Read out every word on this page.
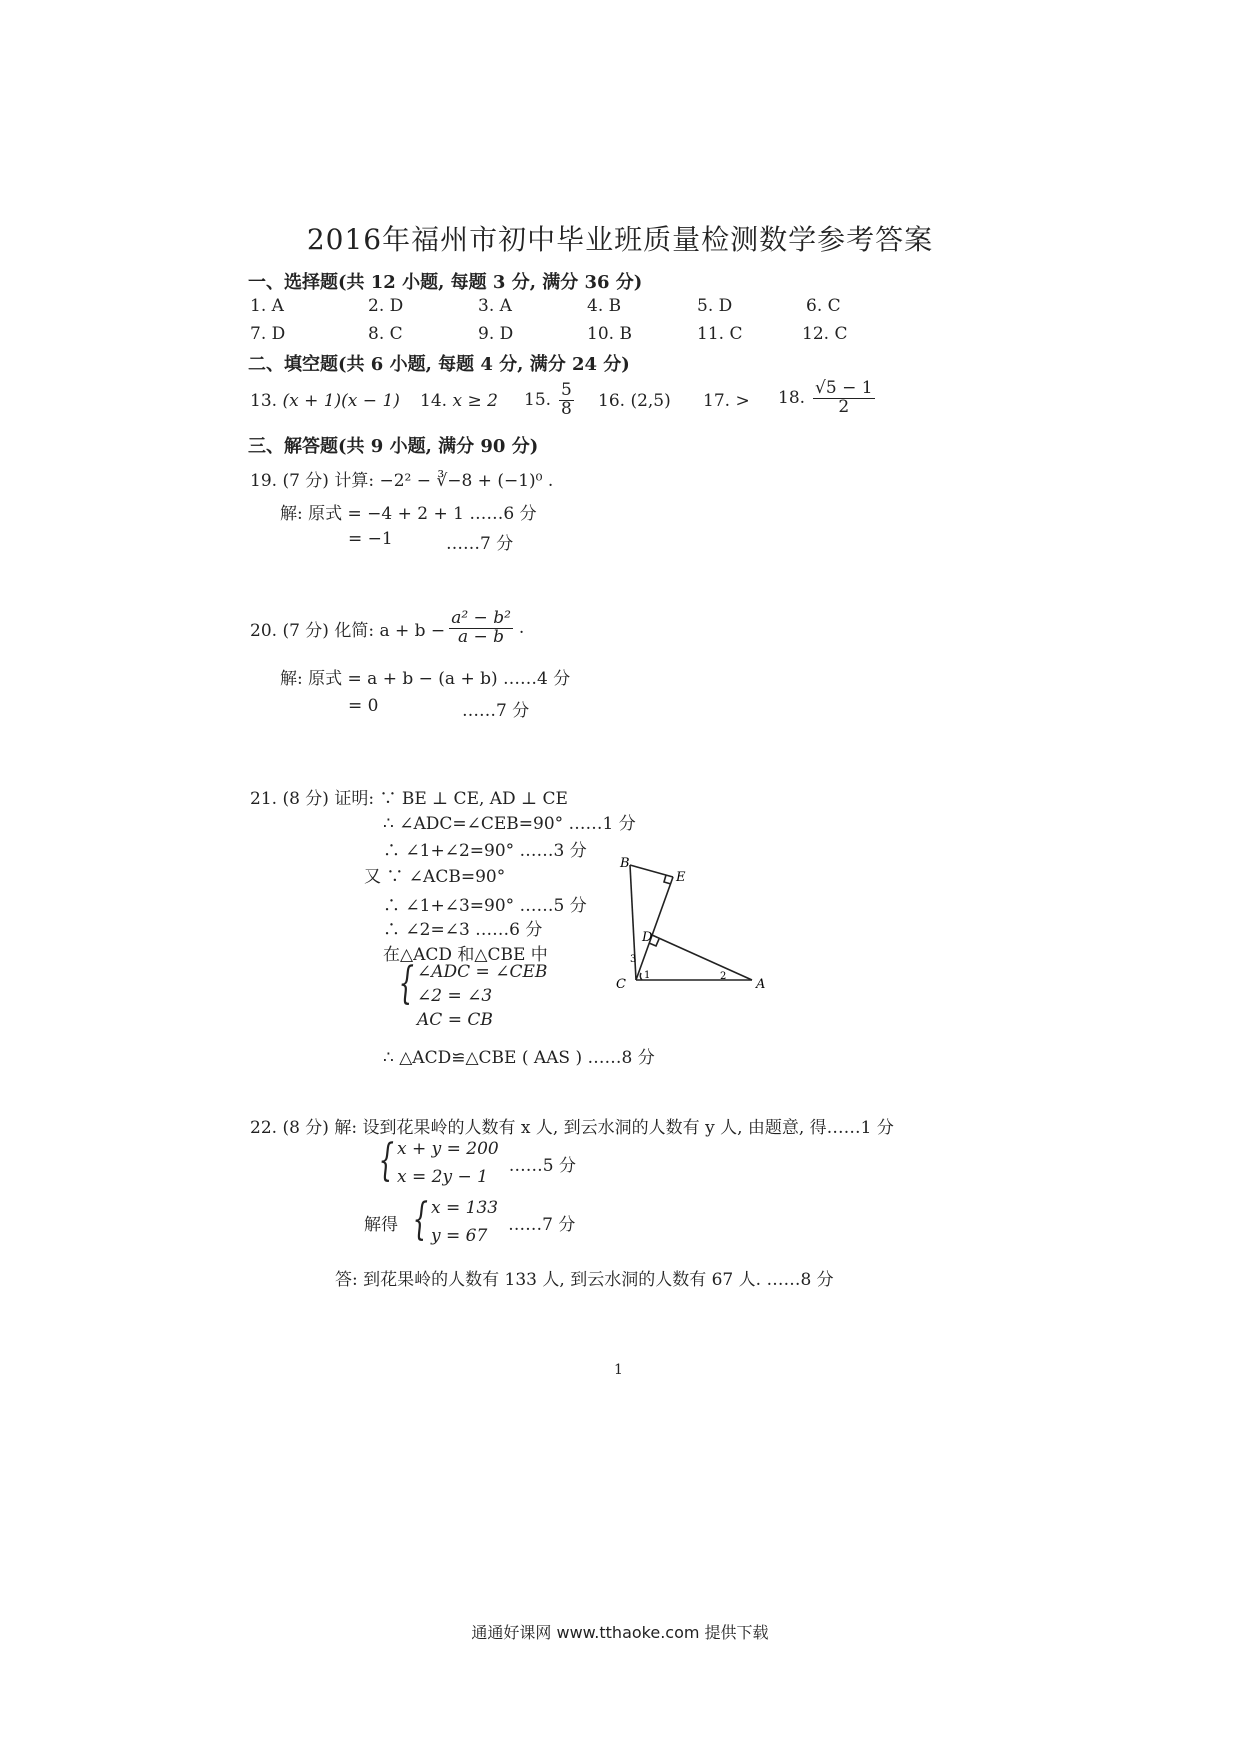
2016年福州市初中毕业班质量检测数学参考答案
一、选择题(共 12 小题, 每题 3 分, 满分 36 分)
1. A	2. D	3. A	4. B	5. D	6. C
7. D	8. C	9. D	10. B	11. C	12. C
二、填空题(共 6 小题, 每题 4 分, 满分 24 分)
13. (x + 1)(x − 1) 14. x ≥ 2 15. $\frac{5}{8} 16$. (2,5) 17. > 18. $\frac{√5 - 1}{2}$
三、解答题(共 9 小题, 满分 90 分)
19. (7 分) 计算: −2² − ∛−8 + (−1)⁰ .
解: 原式 = −4 + 2 + 1 ……6 分
= −1	……7 分
20. (7 分) 化简: $a + b - \frac{\text{a² − b²}}{a - b}$ .
解: 原式 = a + b − (a + b) ……4 分
= 0	……7 分
21. (8 分) 证明: ∵ BE ⊥ CE, AD ⊥ CE
∴ ∠ADC=∠CEB=90° ……1 分
∴ ∠1+∠2=90° ……3 分
又 ∵ ∠ACB=90°
∴ ∠1+∠3=90° ……5 分
∴ ∠2=∠3 ……6 分
在△ACD 和△CBE 中
{ ∠ADC = ∠CEB
∠2 = ∠3
AC = CB
∴ △ACD≌△CBE ( AAS ) ……8 分
B
E
D
C	A
1	2
3
22. (8 分) 解: 设到花果岭的人数有 x 人, 到云水洞的人数有 y 人, 由题意, 得……1 分
{ x + y = 200
x = 2y − 1
……5 分
解得 { x = 133
y = 67
……7 分
答: 到花果岭的人数有 133 人, 到云水洞的人数有 67 人. ……8 分
1
通通好课网 www.tthaoke.com 提供下载
